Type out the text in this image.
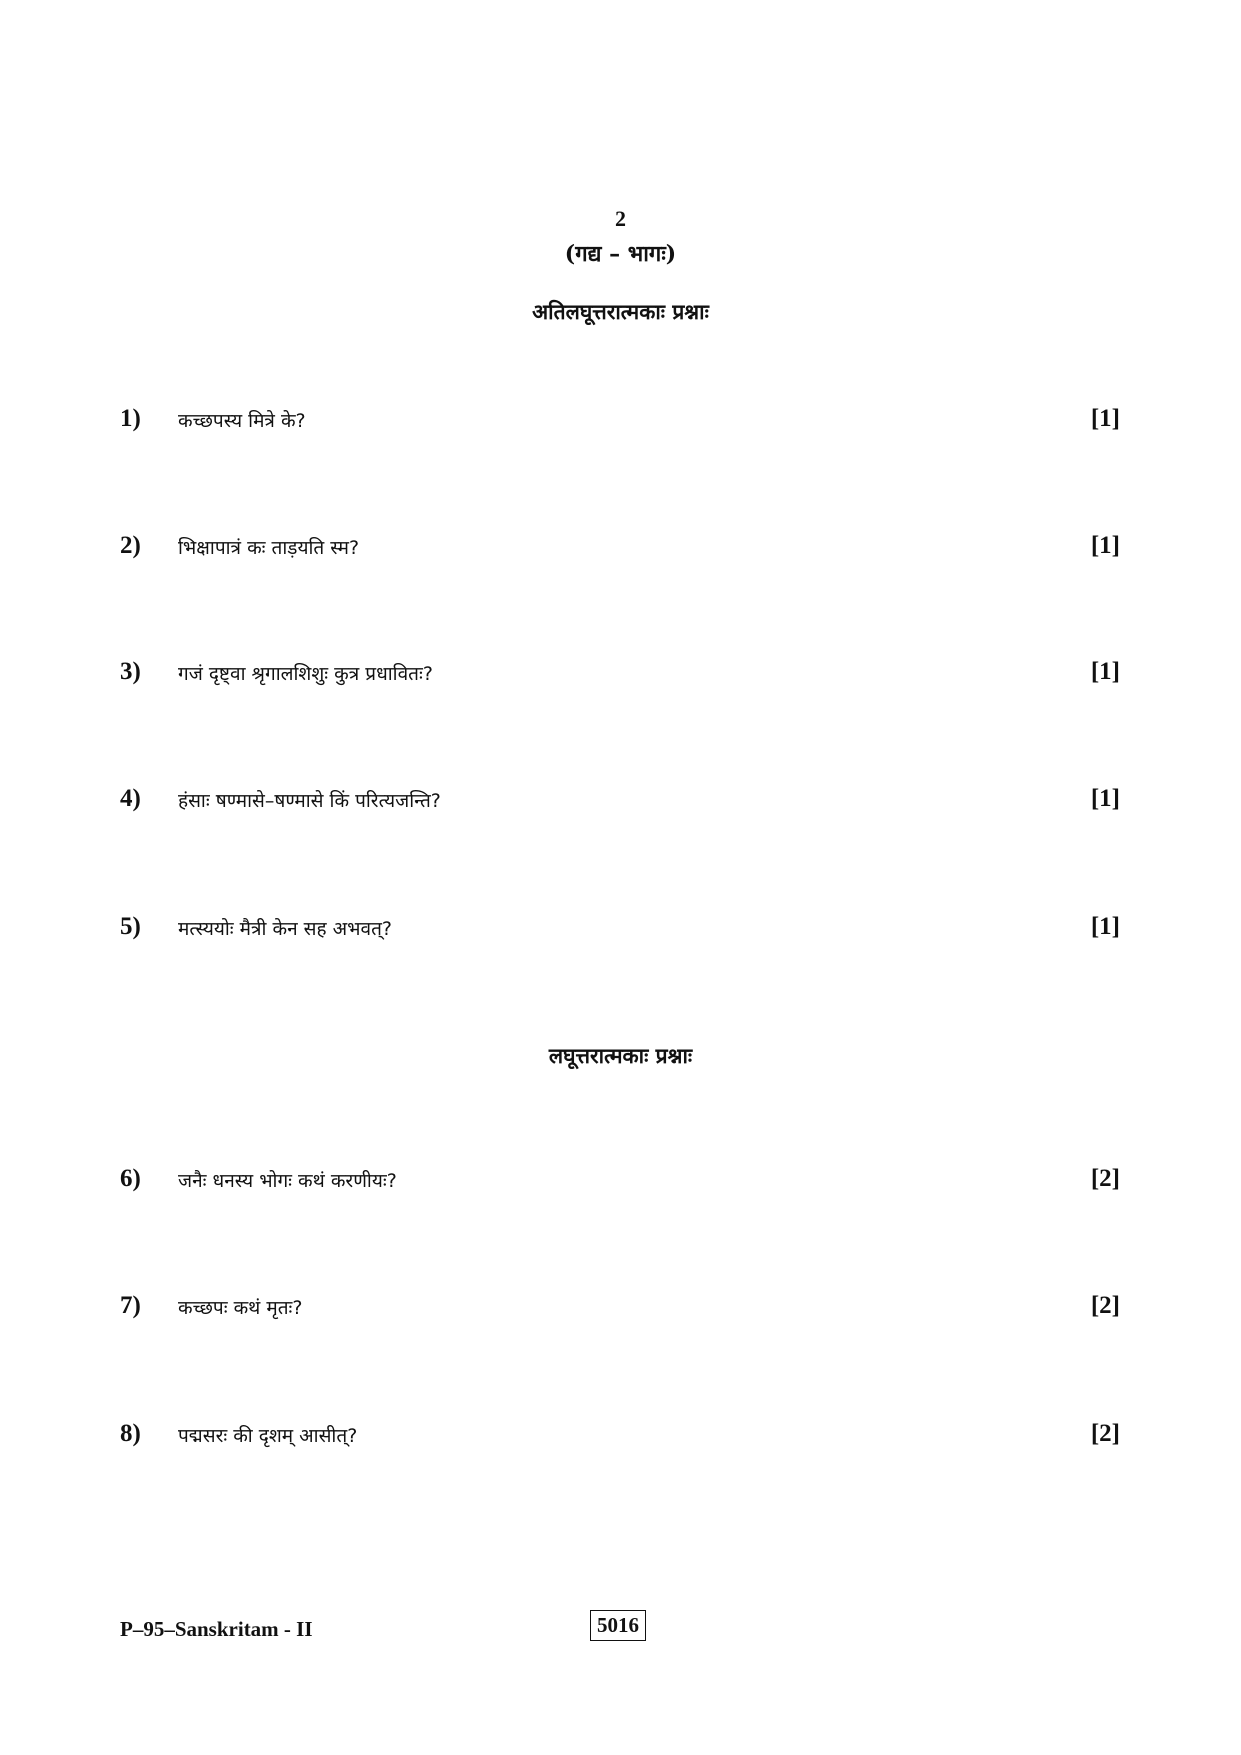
2
(गद्य – भागः)
अतिलघूत्तरात्मकाः प्रश्नाः
1) कच्छपस्य मित्रे के?	[1]
2) भिक्षापात्रं कः ताड़यति स्म?	[1]
3) गजं दृष्ट्वा श्रृगालशिशुः कुत्र प्रधावितः?	[1]
4) हंसाः षण्मासे–षण्मासे किं परित्यजन्ति?	[1]
5) मत्स्ययोः मैत्री केन सह अभवत्?	[1]
लघूत्तरात्मकाः प्रश्नाः
6) जनैः धनस्य भोगः कथं करणीयः?	[2]
7) कच्छपः कथं मृतः?	[2]
8) पद्मसरः की दृशम् आसीत्?	[2]
P–95–Sanskritam - II	5016
